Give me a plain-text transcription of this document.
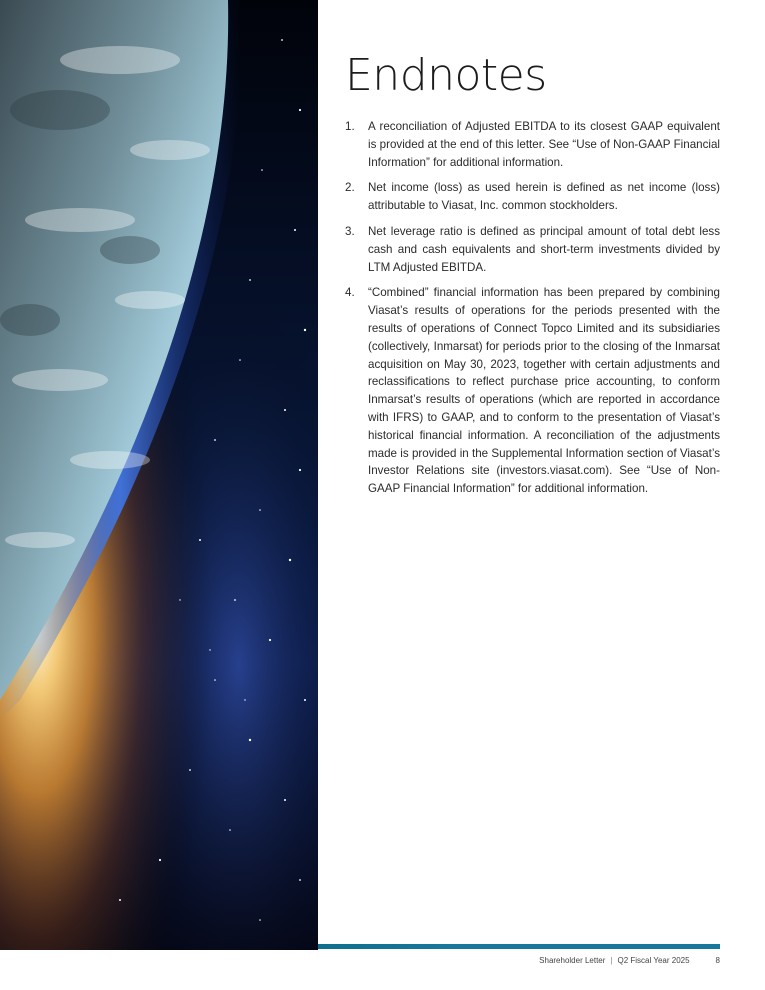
Endnotes
1.	A reconciliation of Adjusted EBITDA to its closest GAAP equivalent is provided at the end of this letter. See “Use of Non-GAAP Financial Information” for additional information.
2.	Net income (loss) as used herein is defined as net income (loss) attributable to Viasat, Inc. common stockholders.
3.	Net leverage ratio is defined as principal amount of total debt less cash and cash equivalents and short-term investments divided by LTM Adjusted EBITDA.
4.	“Combined” financial information has been prepared by combining Viasat’s results of operations for the periods presented with the results of operations of Connect Topco Limited and its subsidiaries (collectively, Inmarsat) for periods prior to the closing of the Inmarsat acquisition on May 30, 2023, together with certain adjustments and reclassifications to reflect purchase price accounting, to conform Inmarsat’s results of operations (which are reported in accordance with IFRS) to GAAP, and to conform to the presentation of Viasat’s historical financial information. A reconciliation of the adjustments made is provided in the Supplemental Information section of Viasat’s Investor Relations site (investors.viasat.com). See “Use of Non-GAAP Financial Information” for additional information.
Shareholder Letter | Q2 Fiscal Year 2025	8
